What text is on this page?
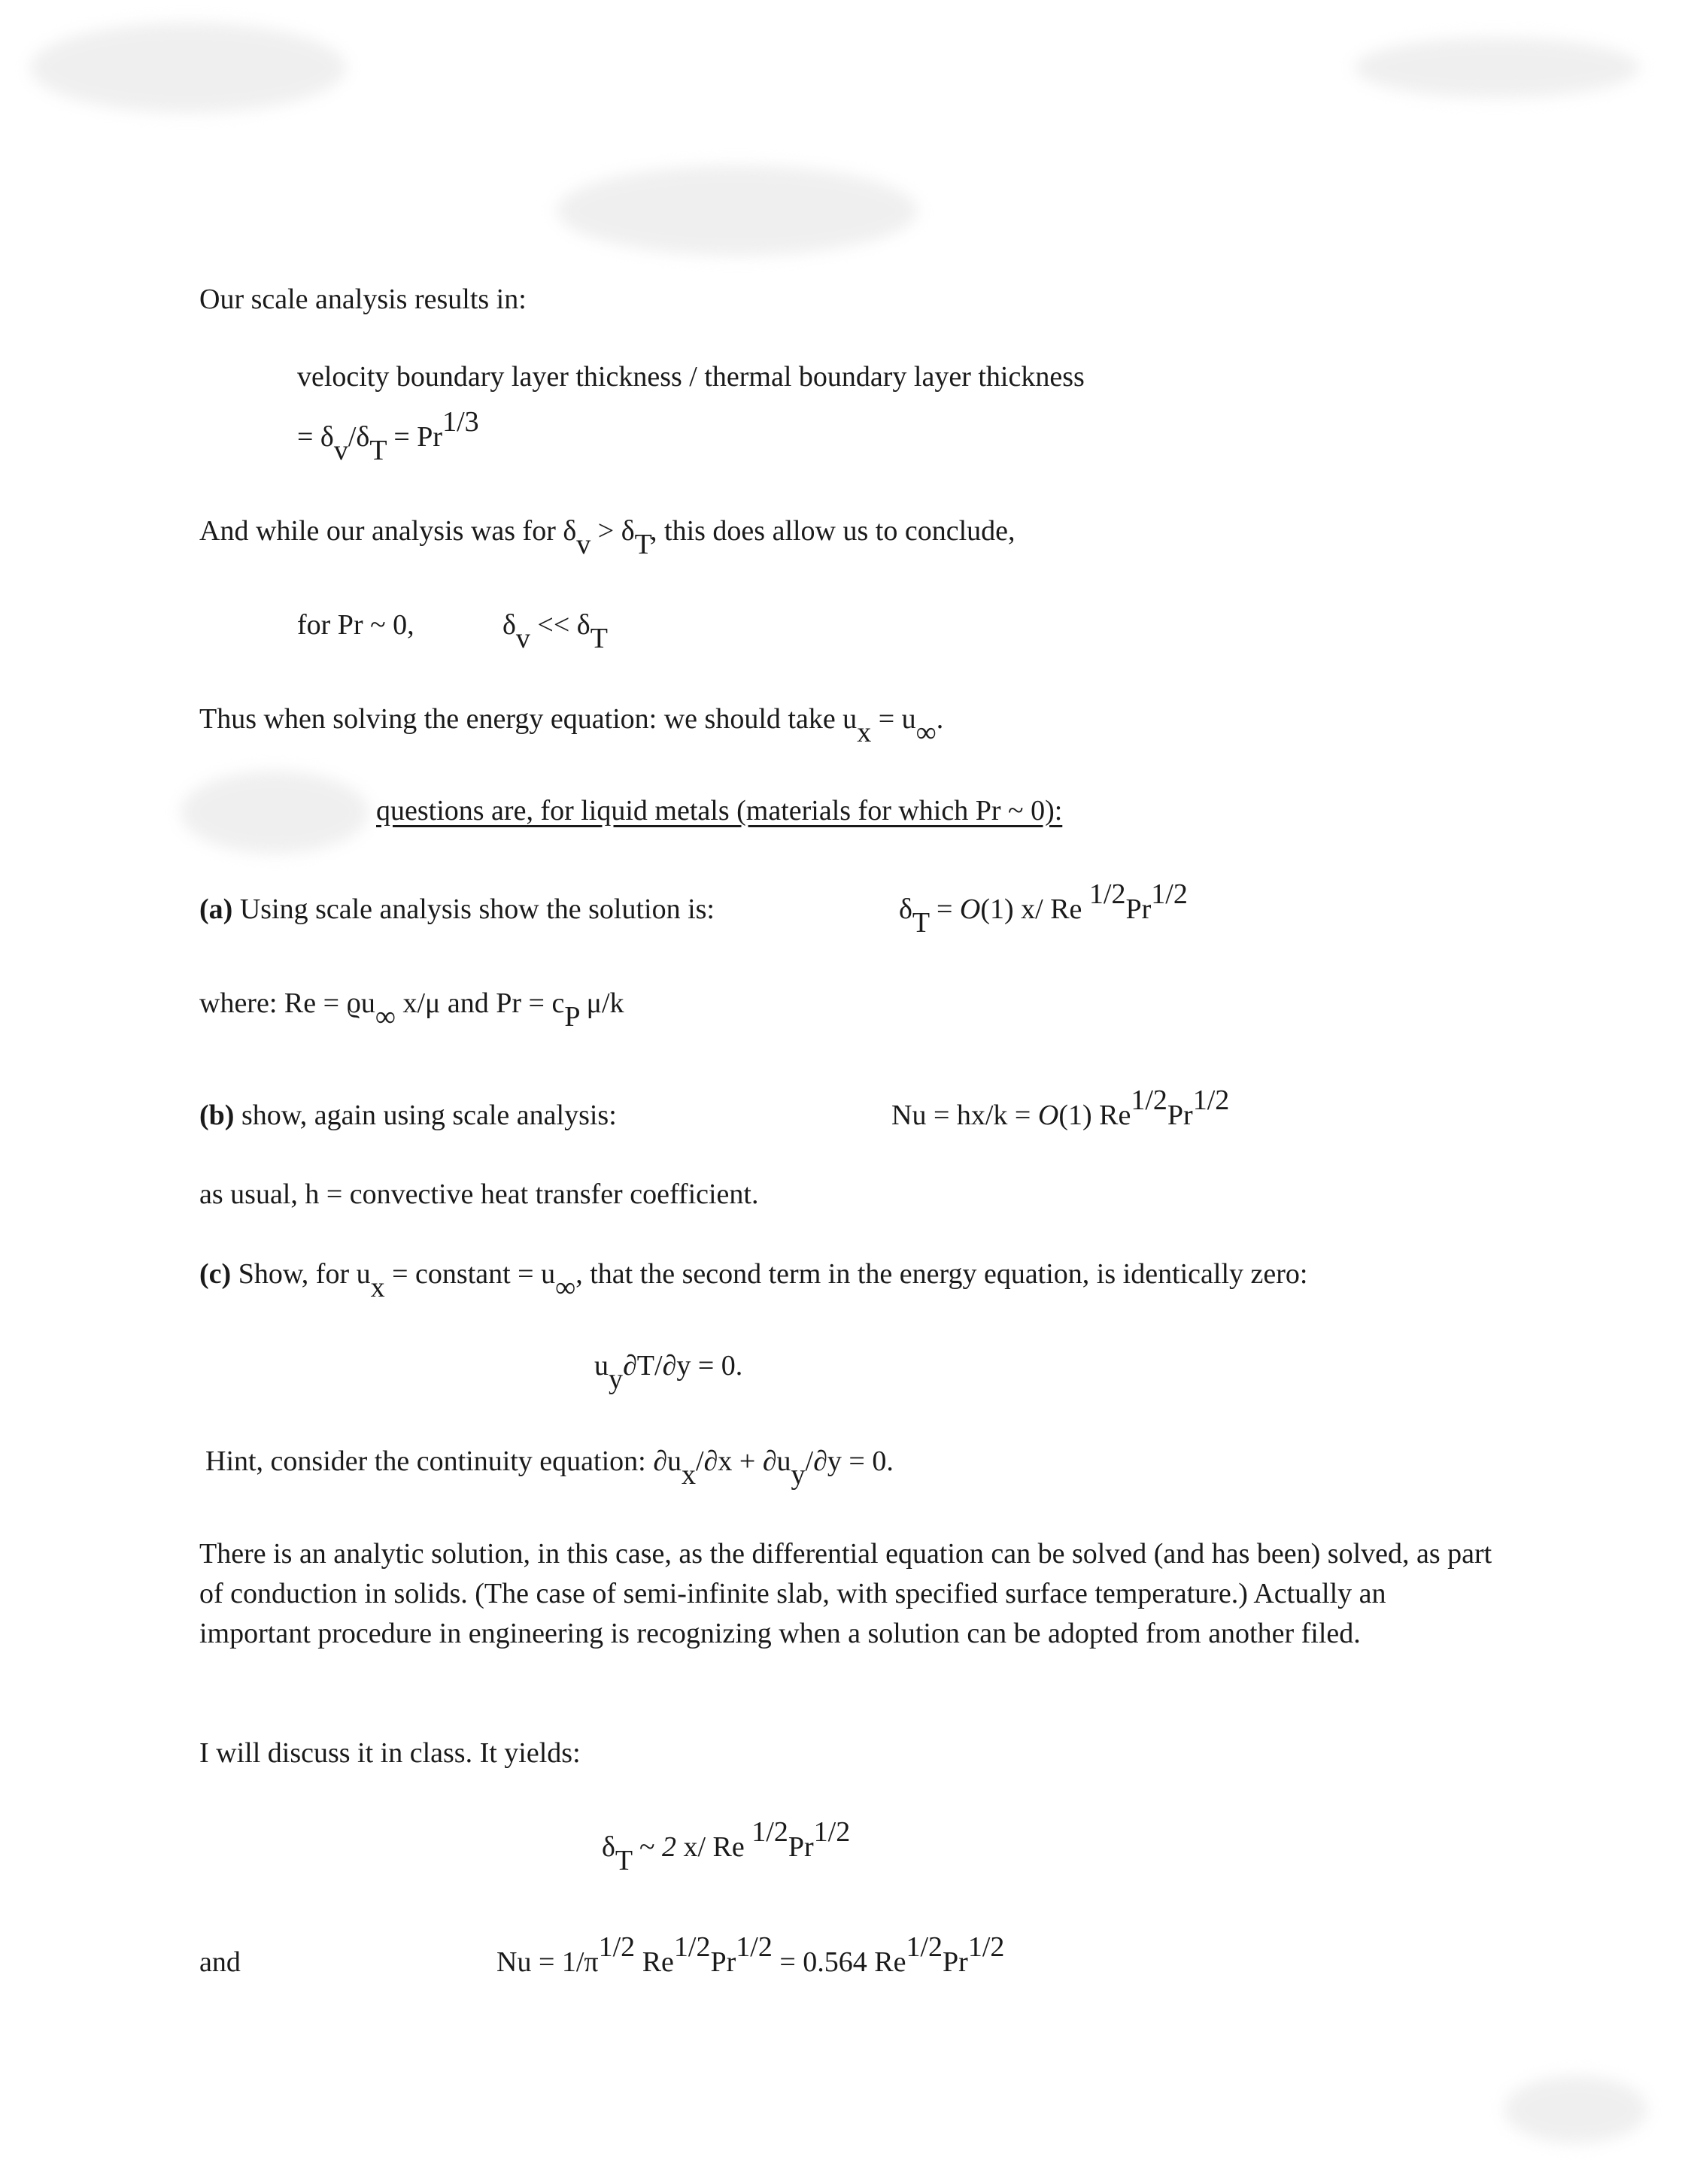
Our scale analysis results in:
velocity boundary layer thickness / thermal boundary layer thickness
= δv/δT = Pr1/3
And while our analysis was for δv > δT, this does allow us to conclude,
for Pr ~ 0,	δv << δT
Thus when solving the energy equation: we should take ux = u∞.
questions are, for liquid metals (materials for which Pr ~ 0):
(a) Using scale analysis show the solution is:	δT = O(1) x/ Re 1/2Pr1/2
where: Re = ϱu∞ x/μ and Pr = cP μ/k
(b) show, again using scale analysis:	Nu = hx/k = O(1) Re1/2Pr1/2
as usual, h = convective heat transfer coefficient.
(c) Show, for ux = constant = u∞, that the second term in the energy equation, is identically zero:
uy∂T/∂y = 0.
Hint, consider the continuity equation: ∂ux/∂x + ∂uy/∂y = 0.
There is an analytic solution, in this case, as the differential equation can be solved (and has been) solved, as part of conduction in solids. (The case of semi-infinite slab, with specified surface temperature.) Actually an important procedure in engineering is recognizing when a solution can be adopted from another filed.
I will discuss it in class. It yields:
δT ~ 2 x/ Re 1/2Pr1/2
and	Nu = 1/π1/2 Re1/2Pr1/2 = 0.564 Re1/2Pr1/2
